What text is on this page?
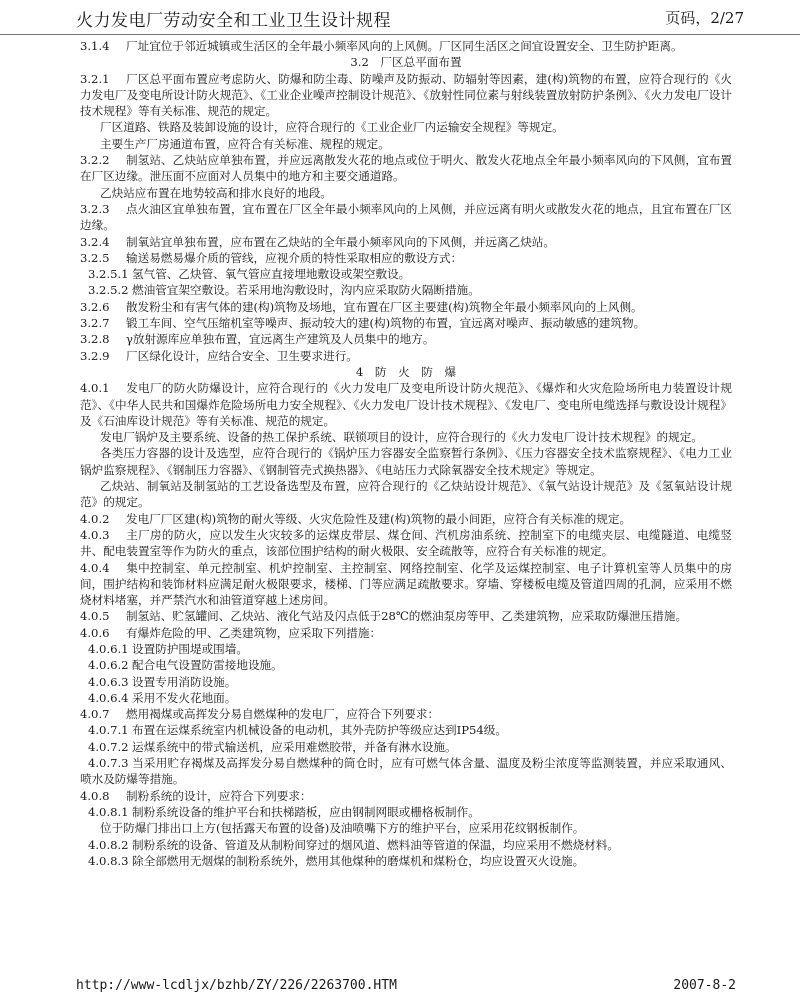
火力发电厂劳动安全和工业卫生设计规程	页码，2/27

3.1.4 厂址宜位于邻近城镇或生活区的全年最小频率风向的上风侧。厂区同生活区之间宜设置安全、卫生防护距离。

3.2　厂区总平面布置

3.2.1 厂区总平面布置应考虑防火、防爆和防尘毒、防噪声及防振动、防辐射等因素，建(构)筑物的布置，应符合现行的《火力发电厂及变电所设计防火规范》、《工业企业噪声控制设计规范》、《放射性同位素与射线装置放射防护条例》、《火力发电厂设计技术规程》等有关标准、规范的规定。

厂区道路、铁路及装卸设施的设计，应符合现行的《工业企业厂内运输安全规程》等规定。

主要生产厂房通道布置，应符合有关标准、规程的规定。

3.2.2 制氢站、乙炔站应单独布置，并应远离散发火花的地点或位于明火、散发火花地点全年最小频率风向的下风侧，宜布置在厂区边缘。泄压面不应面对人员集中的地方和主要交通道路。

乙炔站应布置在地势较高和排水良好的地段。

3.2.3 点火油区宜单独布置，宜布置在厂区全年最小频率风向的上风侧，并应远离有明火或散发火花的地点，且宜布置在厂区边缘。

3.2.4 制氧站宜单独布置，应布置在乙炔站的全年最小频率风向的下风侧，并远离乙炔站。

3.2.5 输送易燃易爆介质的管线，应视介质的特性采取相应的敷设方式：

3.2.5.1 氢气管、乙炔管、氧气管应直接埋地敷设或架空敷设。

3.2.5.2 燃油管宜架空敷设。若采用地沟敷设时，沟内应采取防火隔断措施。

3.2.6 散发粉尘和有害气体的建(构)筑物及场地，宜布置在厂区主要建(构)筑物全年最小频率风向的上风侧。

3.2.7 锻工车间、空气压缩机室等噪声、振动较大的建(构)筑物的布置，宜远离对噪声、振动敏感的建筑物。

3.2.8 γ放射源库应单独布置，宜远离生产建筑及人员集中的地方。

3.2.9 厂区绿化设计，应结合安全、卫生要求进行。

4　防　火　防　爆

4.0.1 发电厂的防火防爆设计，应符合现行的《火力发电厂及变电所设计防火规范》、《爆炸和火灾危险场所电力装置设计规范》、《中华人民共和国爆炸危险场所电力安全规程》、《火力发电厂设计技术规程》、《发电厂、变电所电缆选择与敷设设计规程》及《石油库设计规范》等有关标准、规范的规定。

发电厂锅炉及主要系统、设备的热工保护系统、联锁项目的设计，应符合现行的《火力发电厂设计技术规程》的规定。

各类压力容器的设计及选型，应符合现行的《锅炉压力容器安全监察暂行条例》、《压力容器安全技术监察规程》、《电力工业锅炉监察规程》、《钢制压力容器》、《钢制管壳式换热器》、《电站压力式除氧器安全技术规定》等规定。

乙炔站、制氧站及制氢站的工艺设备选型及布置，应符合现行的《乙炔站设计规范》、《氧气站设计规范》及《氢氧站设计规范》的规定。

4.0.2 发电厂厂区建(构)筑物的耐火等级、火灾危险性及建(构)筑物的最小间距，应符合有关标准的规定。

4.0.3 主厂房的防火，应以发生火灾较多的运煤皮带层、煤仓间、汽机房油系统、控制室下的电缆夹层、电缆隧道、电缆竖井、配电装置室等作为防火的重点，该部位围护结构的耐火极限、安全疏散等，应符合有关标准的规定。

4.0.4 集中控制室、单元控制室、机炉控制室、主控制室、网络控制室、化学及运煤控制室、电子计算机室等人员集中的房间，围护结构和装饰材料应满足耐火极限要求，楼梯、门等应满足疏散要求。穿墙、穿楼板电缆及管道四周的孔洞，应采用不燃烧材料堵塞，并严禁汽水和油管道穿越上述房间。

4.0.5 制氢站、贮氢罐间、乙炔站、液化气站及闪点低于28℃的燃油泵房等甲、乙类建筑物，应采取防爆泄压措施。

4.0.6 有爆炸危险的甲、乙类建筑物，应采取下列措施：

4.0.6.1 设置防护围堤或围墙。

4.0.6.2 配合电气设置防雷接地设施。

4.0.6.3 设置专用消防设施。

4.0.6.4 采用不发火花地面。

4.0.7 燃用褐煤或高挥发分易自燃煤种的发电厂，应符合下列要求：

4.0.7.1 布置在运煤系统室内机械设备的电动机，其外壳防护等级应达到IP54级。

4.0.7.2 运煤系统中的带式输送机，应采用难燃胶带，并备有淋水设施。

4.0.7.3 当采用贮存褐煤及高挥发分易自燃煤种的筒仓时，应有可燃气体含量、温度及粉尘浓度等监测装置，并应采取通风、喷水及防爆等措施。

4.0.8 制粉系统的设计，应符合下列要求：

4.0.8.1 制粉系统设备的维护平台和扶梯踏板，应由钢制网眼或栅格板制作。

位于防爆门排出口上方(包括露天布置的设备)及油喷嘴下方的维护平台，应采用花纹钢板制作。

4.0.8.2 制粉系统的设备、管道及从制粉间穿过的烟风道、燃料油等管道的保温，均应采用不燃烧材料。

4.0.8.3 除全部燃用无烟煤的制粉系统外，燃用其他煤种的磨煤机和煤粉仓，均应设置灭火设施。

http://www-lcdljx/bzhb/ZY/226/2263700.HTM	2007-8-2
